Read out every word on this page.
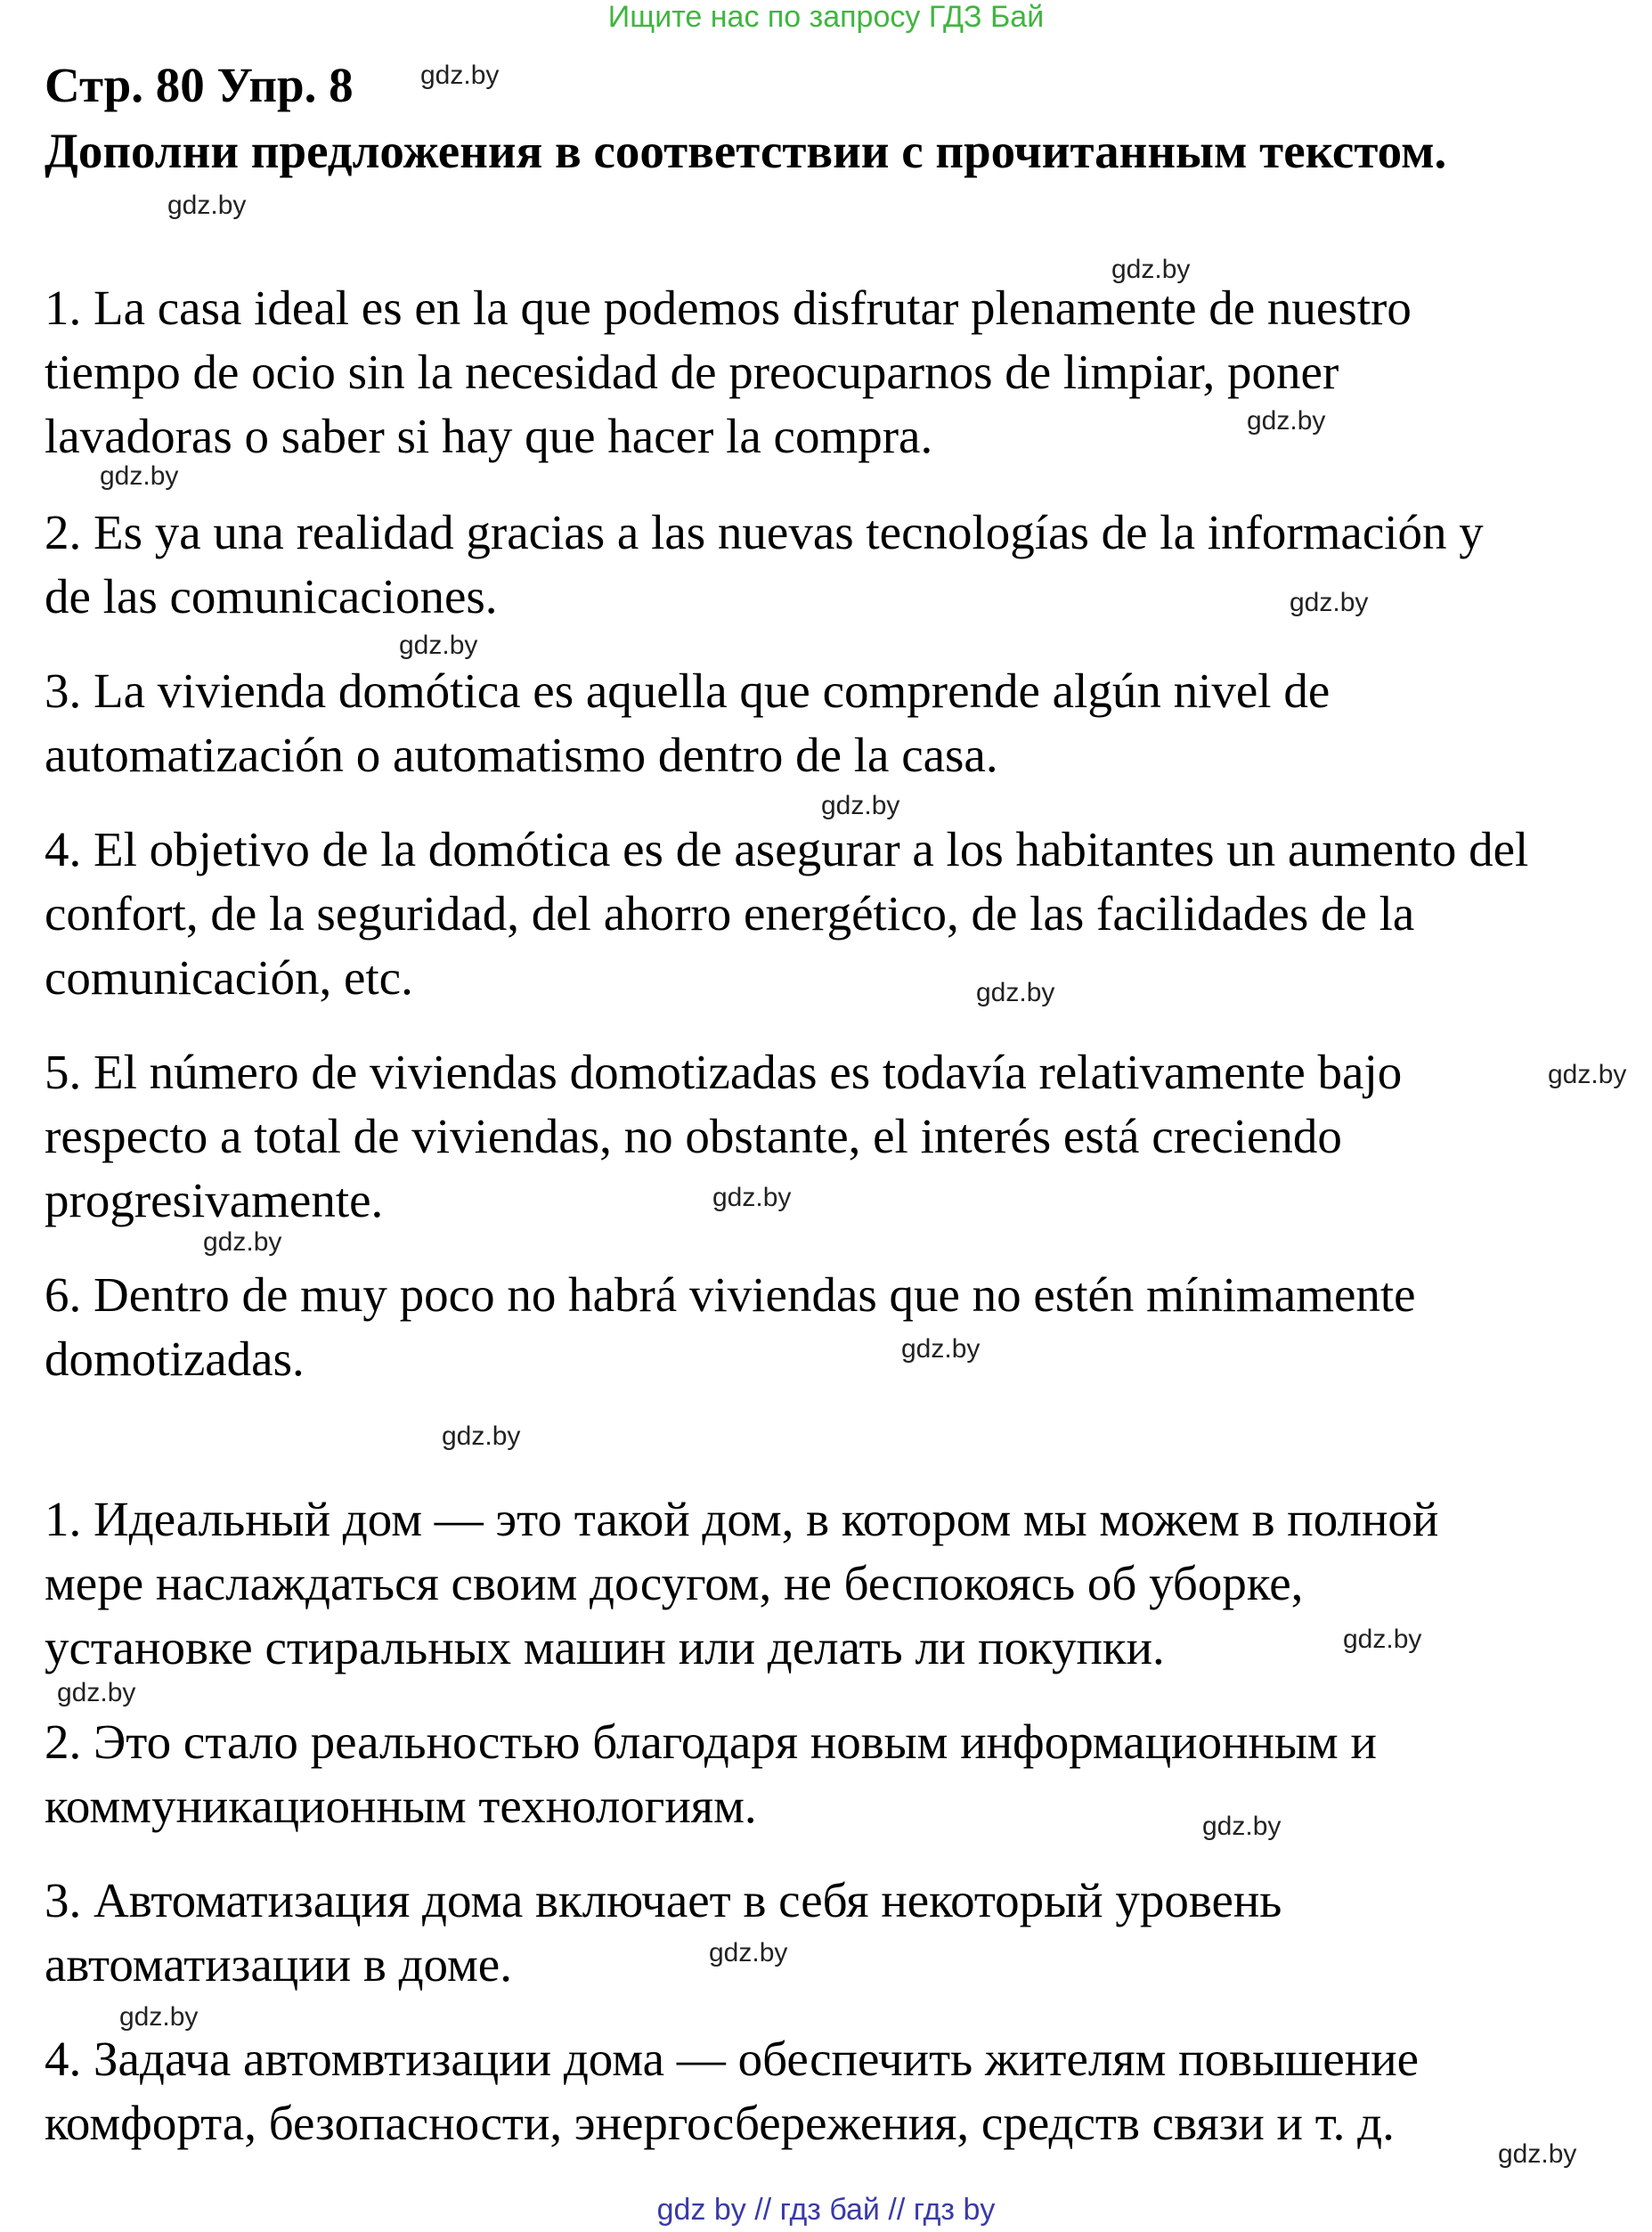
Ищите нас по запросу ГДЗ Бай
Стр. 80 Упр. 8
Дополни предложения в соответствии с прочитанным текстом.
1. La casa ideal es en la que podemos disfrutar plenamente de nuestro
tiempo de ocio sin la necesidad de preocuparnos de limpiar, poner
lavadoras o saber si hay que hacer la compra.
2. Es ya una realidad gracias a las nuevas tecnologías de la información y
de las comunicaciones.
3. La vivienda domótica es aquella que comprende algún nivel de
automatización o automatismo dentro de la casa.
4. El objetivo de la domótica es de asegurar a los habitantes un aumento del
confort, de la seguridad, del ahorro energético, de las facilidades de la
comunicación, etc.
5. El número de viviendas domotizadas es todavía relativamente bajo
respecto a total de viviendas, no obstante, el interés está creciendo
progresivamente.
6. Dentro de muy poco no habrá viviendas que no estén mínimamente
domotizadas.
1. Идеальный дом — это такой дом, в котором мы можем в полной
мере наслаждаться своим досугом, не беспокоясь об уборке,
установке стиральных машин или делать ли покупки.
2. Это стало реальностью благодаря новым информационным и
коммуникационным технологиям.
3. Автоматизация дома включает в себя некоторый уровень
автоматизации в доме.
4. Задача автомвтизации дома — обеспечить жителям повышение
комфорта, безопасности, энергосбережения, средств связи и т. д.
gdz.by
gdz.by
gdz.by
gdz.by
gdz.by
gdz.by
gdz.by
gdz.by
gdz.by
gdz.by
gdz.by
gdz.by
gdz.by
gdz.by
gdz.by
gdz.by
gdz.by
gdz.by
gdz.by
gdz.by
gdz by // гдз бай // гдз by
